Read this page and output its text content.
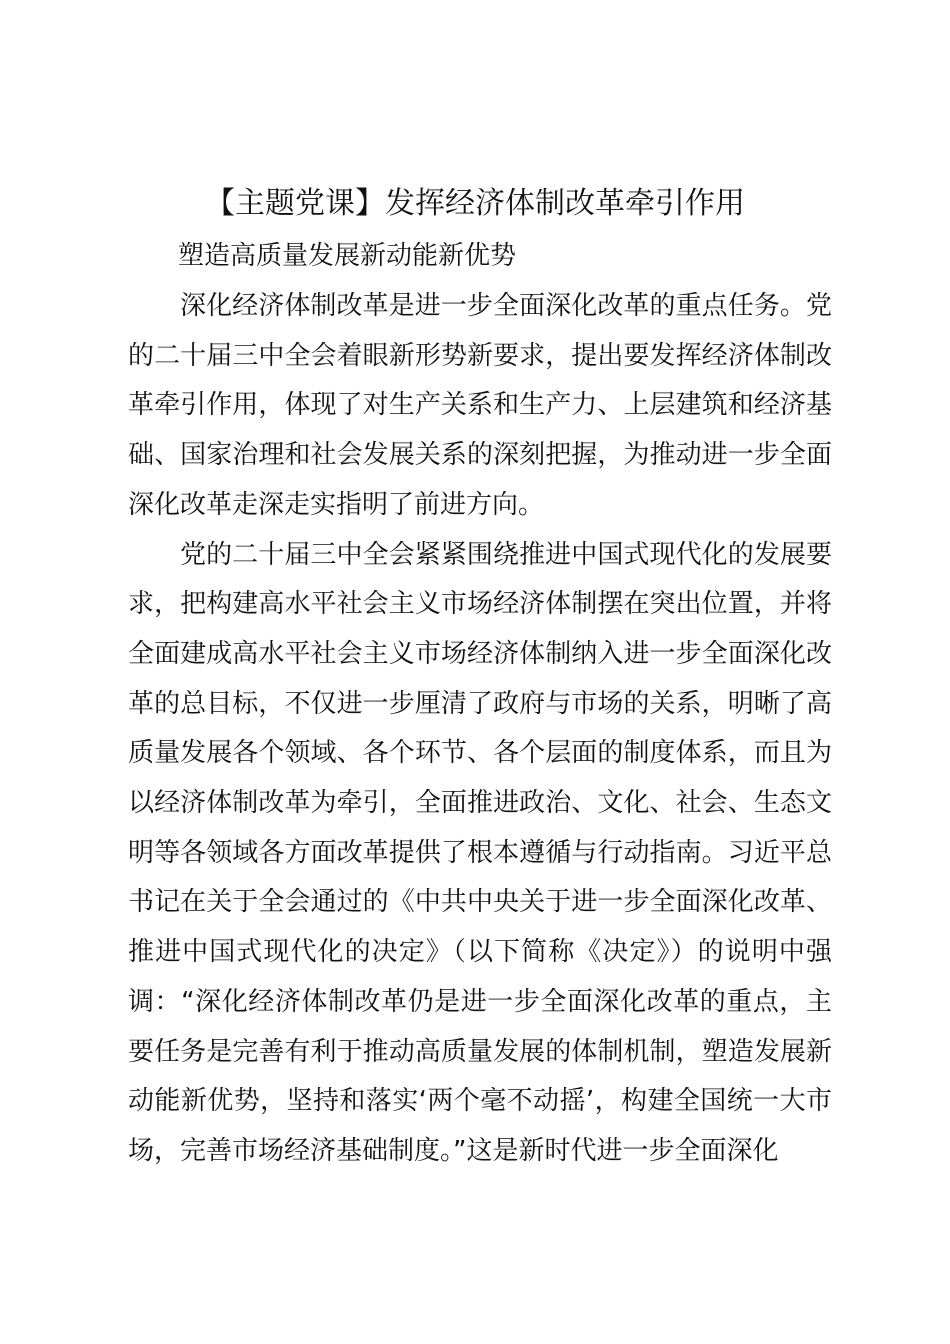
【主题党课】发挥经济体制改革牵引作用
塑造高质量发展新动能新优势

深化经济体制改革是进一步全面深化改革的重点任务。党的二十届三中全会着眼新形势新要求，提出要发挥经济体制改革牵引作用，体现了对生产关系和生产力、上层建筑和经济基础、国家治理和社会发展关系的深刻把握，为推动进一步全面深化改革走深走实指明了前进方向。

党的二十届三中全会紧紧围绕推进中国式现代化的发展要求，把构建高水平社会主义市场经济体制摆在突出位置，并将全面建成高水平社会主义市场经济体制纳入进一步全面深化改革的总目标，不仅进一步厘清了政府与市场的关系，明晰了高质量发展各个领域、各个环节、各个层面的制度体系，而且为以经济体制改革为牵引，全面推进政治、文化、社会、生态文明等各领域各方面改革提供了根本遵循与行动指南。习近平总书记在关于全会通过的《中共中央关于进一步全面深化改革、推进中国式现代化的决定》（以下简称《决定》）的说明中强调：“深化经济体制改革仍是进一步全面深化改革的重点，主要任务是完善有利于推动高质量发展的体制机制，塑造发展新动能新优势，坚持和落实‘两个毫不动摇’，构建全国统一大市场，完善市场经济基础制度。”这是新时代进一步全面深化
